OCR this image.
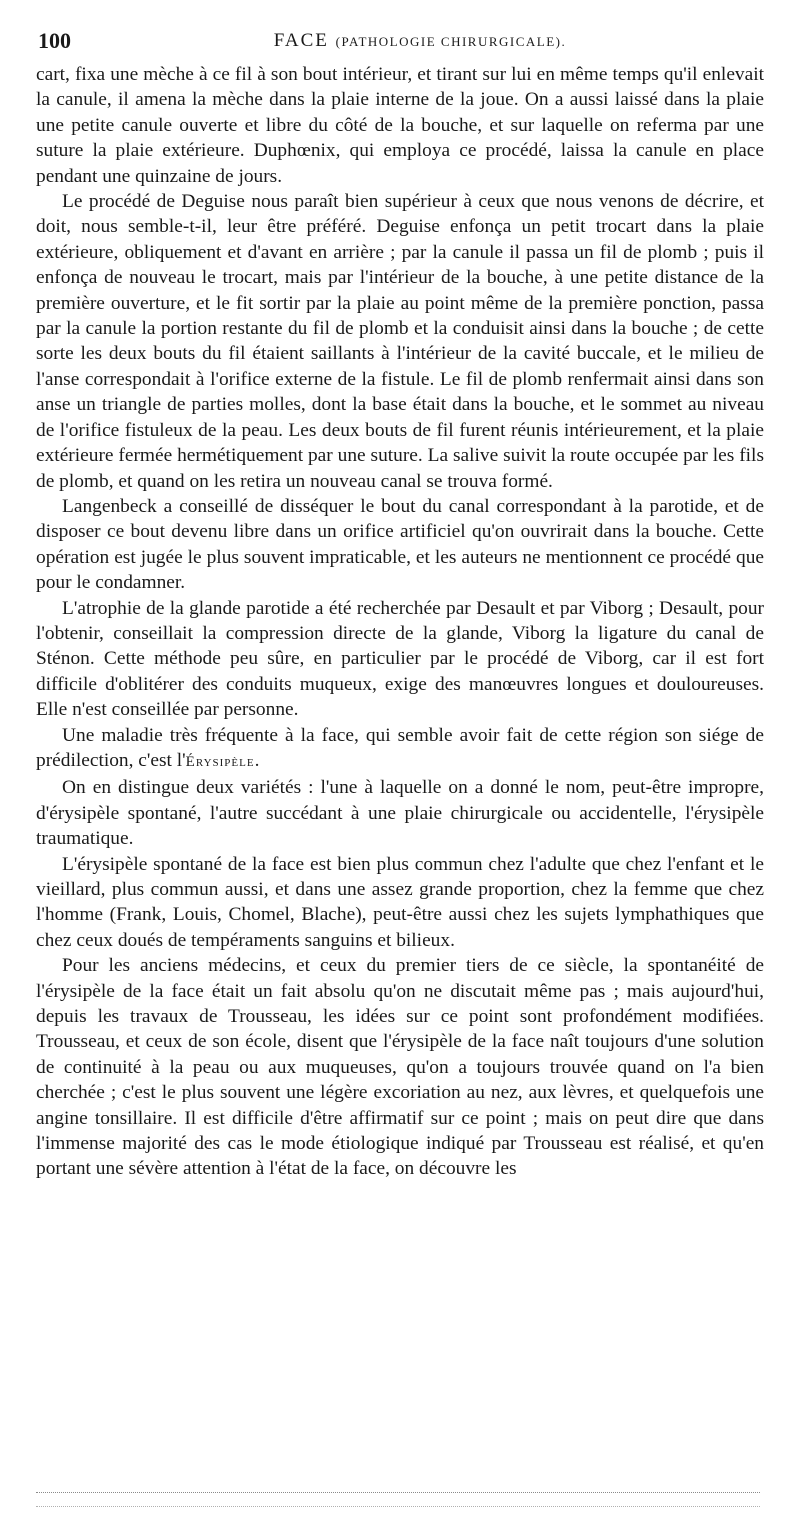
100	FACE (PATHOLOGIE CHIRURGICALE).

cart, fixa une mèche à ce fil à son bout intérieur, et tirant sur lui en même temps qu'il enlevait la canule, il amena la mèche dans la plaie interne de la joue. On a aussi laissé dans la plaie une petite canule ouverte et libre du côté de la bouche, et sur laquelle on referma par une suture la plaie extérieure. Duphœnix, qui employa ce procédé, laissa la canule en place pendant une quinzaine de jours.

Le procédé de Deguise nous paraît bien supérieur à ceux que nous venons de décrire, et doit, nous semble-t-il, leur être préféré. Deguise enfonça un petit trocart dans la plaie extérieure, obliquement et d'avant en arrière ; par la canule il passa un fil de plomb ; puis il enfonça de nouveau le trocart, mais par l'intérieur de la bouche, à une petite distance de la première ouverture, et le fit sortir par la plaie au point même de la première ponction, passa par la canule la portion restante du fil de plomb et la conduisit ainsi dans la bouche ; de cette sorte les deux bouts du fil étaient saillants à l'intérieur de la cavité buccale, et le milieu de l'anse correspondait à l'orifice externe de la fistule. Le fil de plomb renfermait ainsi dans son anse un triangle de parties molles, dont la base était dans la bouche, et le sommet au niveau de l'orifice fistuleux de la peau. Les deux bouts de fil furent réunis intérieurement, et la plaie extérieure fermée hermétiquement par une suture. La salive suivit la route occupée par les fils de plomb, et quand on les retira un nouveau canal se trouva formé.

Langenbeck a conseillé de disséquer le bout du canal correspondant à la parotide, et de disposer ce bout devenu libre dans un orifice artificiel qu'on ouvrirait dans la bouche. Cette opération est jugée le plus souvent impraticable, et les auteurs ne mentionnent ce procédé que pour le condamner.

L'atrophie de la glande parotide a été recherchée par Desault et par Viborg ; Desault, pour l'obtenir, conseillait la compression directe de la glande, Viborg la ligature du canal de Sténon. Cette méthode peu sûre, en particulier par le procédé de Viborg, car il est fort difficile d'oblitérer des conduits muqueux, exige des manœuvres longues et douloureuses. Elle n'est conseillée par personne.

Une maladie très fréquente à la face, qui semble avoir fait de cette région son siége de prédilection, c'est l'Érysipèle.

On en distingue deux variétés : l'une à laquelle on a donné le nom, peut-être impropre, d'érysipèle spontané, l'autre succédant à une plaie chirurgicale ou accidentelle, l'érysipèle traumatique.

L'érysipèle spontané de la face est bien plus commun chez l'adulte que chez l'enfant et le vieillard, plus commun aussi, et dans une assez grande proportion, chez la femme que chez l'homme (Frank, Louis, Chomel, Blache), peut-être aussi chez les sujets lymphathiques que chez ceux doués de tempéraments sanguins et bilieux.

Pour les anciens médecins, et ceux du premier tiers de ce siècle, la spontanéité de l'érysipèle de la face était un fait absolu qu'on ne discutait même pas ; mais aujourd'hui, depuis les travaux de Trousseau, les idées sur ce point sont profondément modifiées. Trousseau, et ceux de son école, disent que l'érysipèle de la face naît toujours d'une solution de continuité à la peau ou aux muqueuses, qu'on a toujours trouvée quand on l'a bien cherchée ; c'est le plus souvent une légère excoriation au nez, aux lèvres, et quelquefois une angine tonsillaire. Il est difficile d'être affirmatif sur ce point ; mais on peut dire que dans l'immense majorité des cas le mode étiologique indiqué par Trousseau est réalisé, et qu'en portant une sévère attention à l'état de la face, on découvre les
